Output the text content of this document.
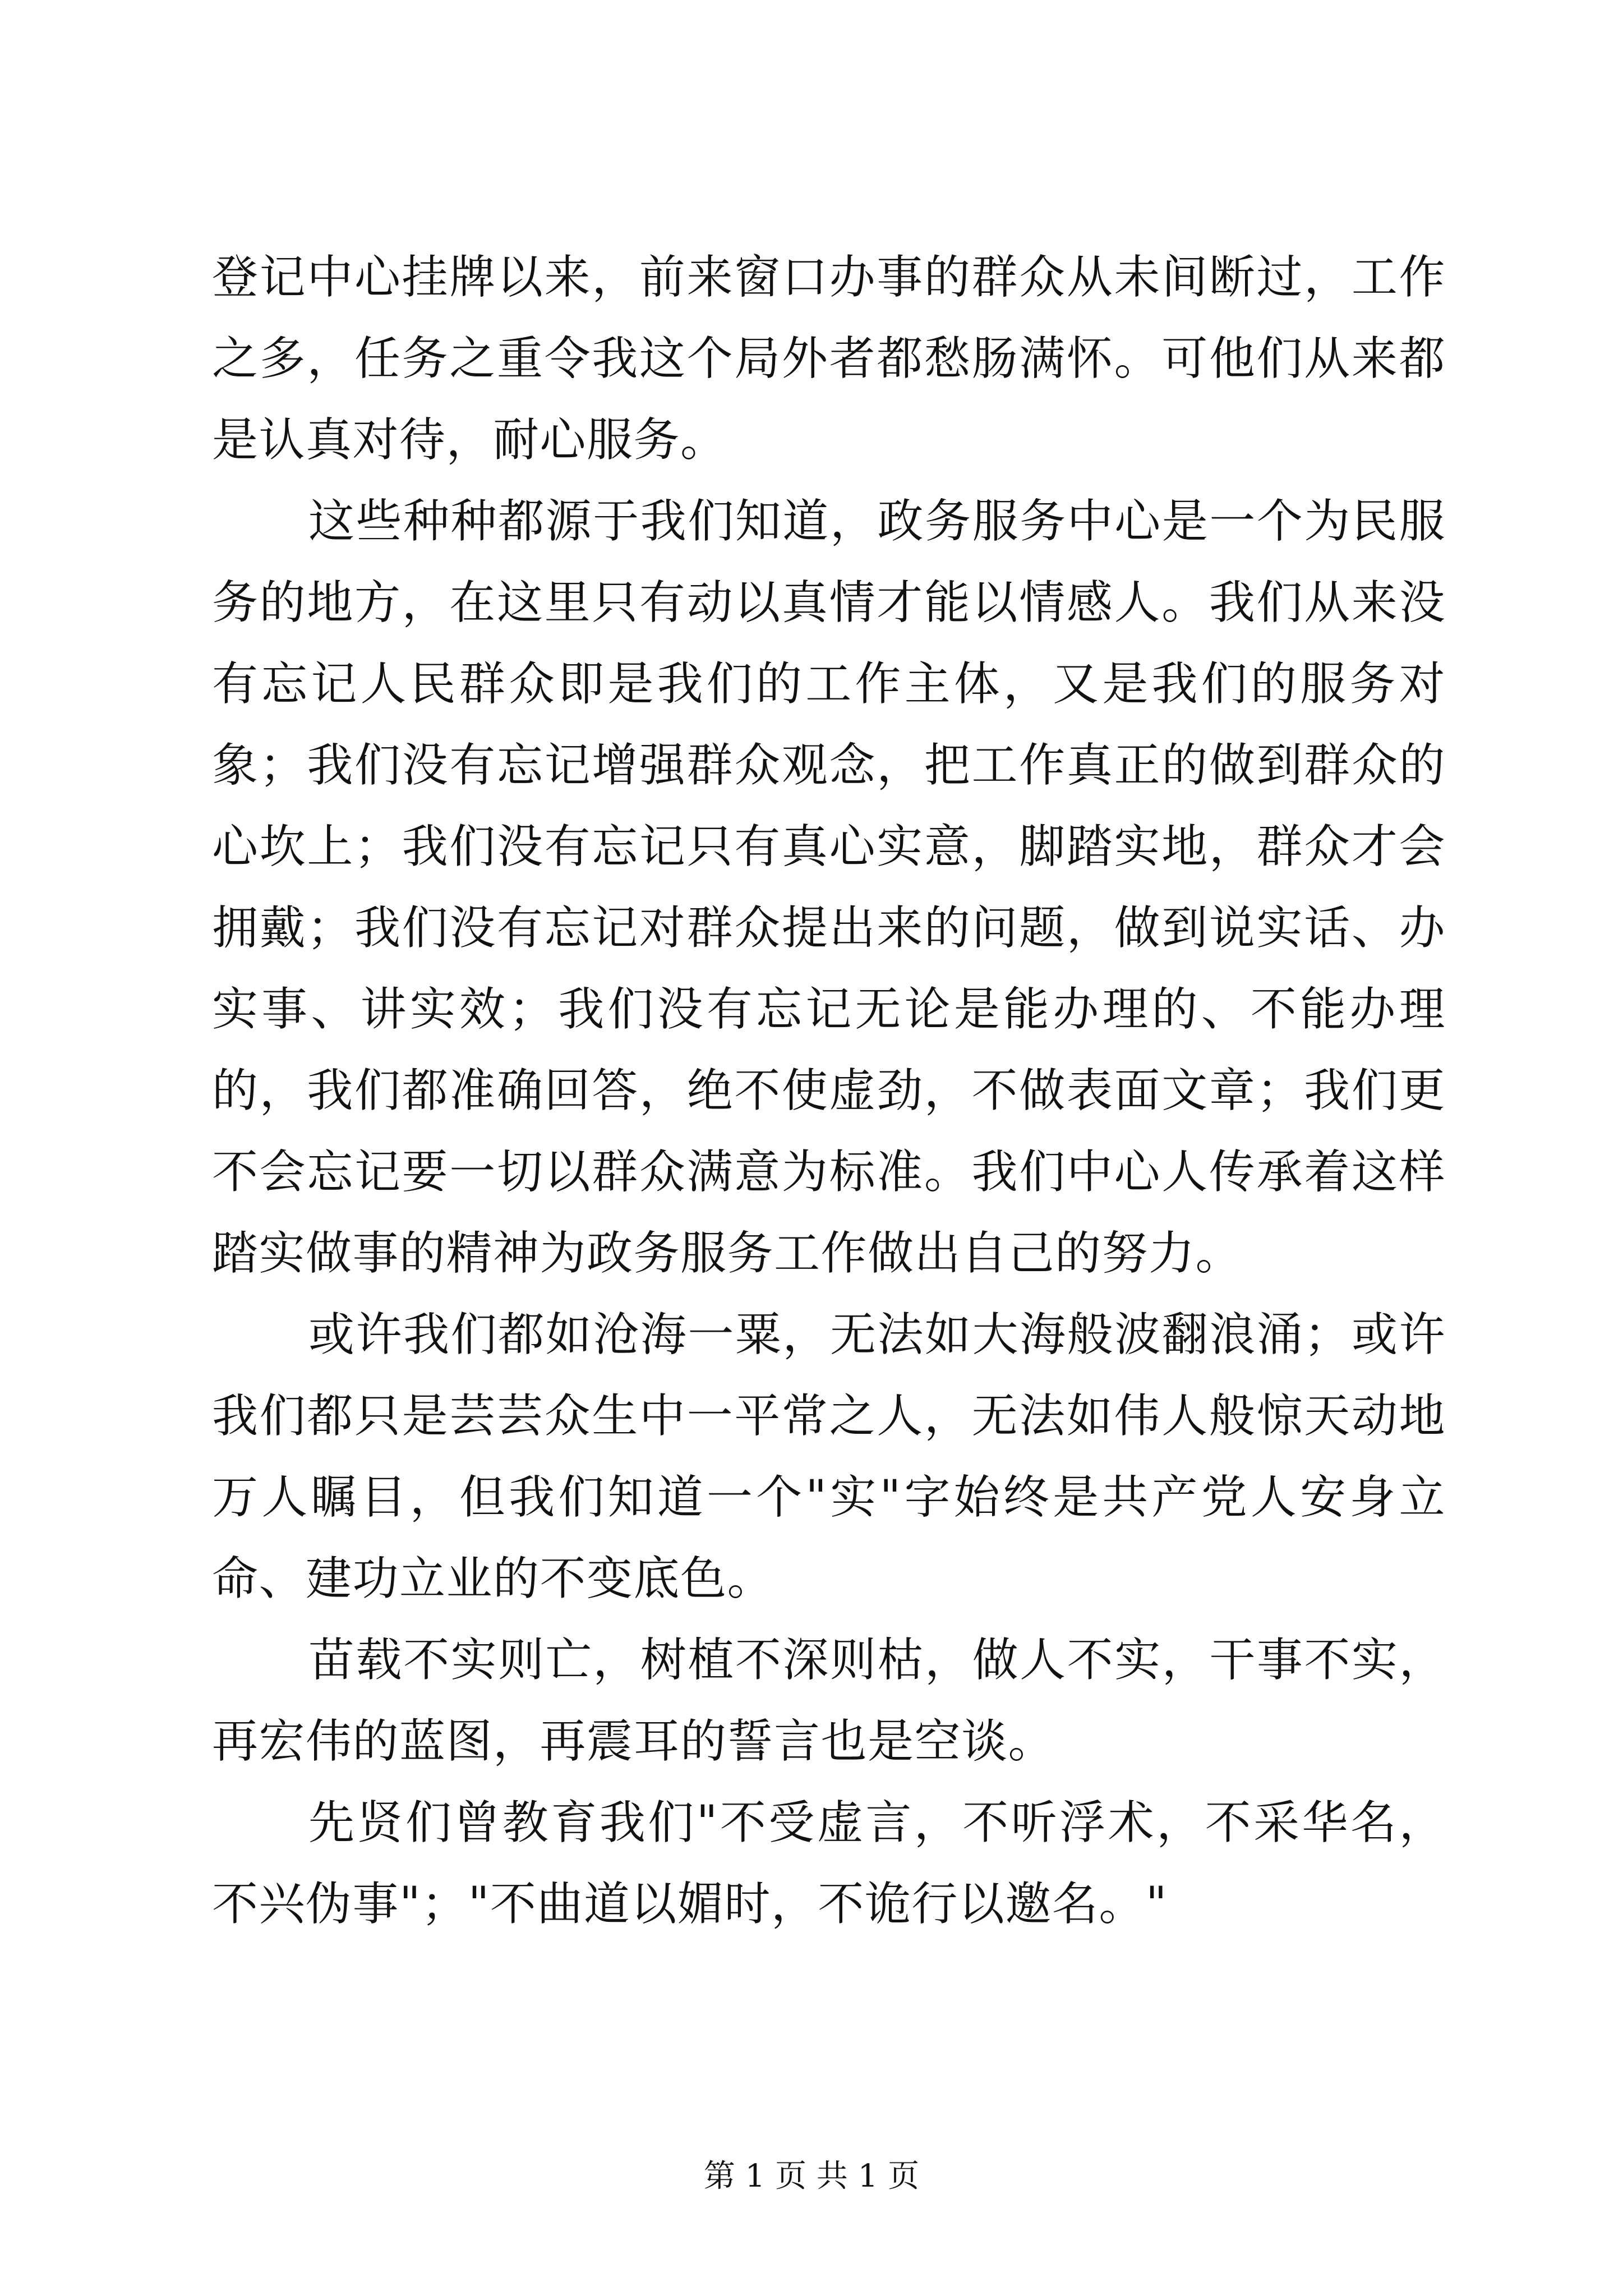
登记中心挂牌以来，前来窗口办事的群众从未间断过，工作之多，任务之重令我这个局外者都愁肠满怀。可他们从来都是认真对待，耐心服务。

这些种种都源于我们知道，政务服务中心是一个为民服务的地方，在这里只有动以真情才能以情感人。我们从来没有忘记人民群众即是我们的工作主体，又是我们的服务对象；我们没有忘记增强群众观念，把工作真正的做到群众的心坎上；我们没有忘记只有真心实意，脚踏实地，群众才会拥戴；我们没有忘记对群众提出来的问题，做到说实话、办实事、讲实效；我们没有忘记无论是能办理的、不能办理的，我们都准确回答，绝不使虚劲，不做表面文章；我们更不会忘记要一切以群众满意为标准。我们中心人传承着这样踏实做事的精神为政务服务工作做出自己的努力。

或许我们都如沧海一粟，无法如大海般波翻浪涌；或许我们都只是芸芸众生中一平常之人，无法如伟人般惊天动地万人瞩目，但我们知道一个"实"字始终是共产党人安身立命、建功立业的不变底色。

苗载不实则亡，树植不深则枯，做人不实，干事不实，再宏伟的蓝图，再震耳的誓言也是空谈。

先贤们曾教育我们"不受虚言，不听浮术，不采华名，不兴伪事"；"不曲道以媚时，不诡行以邀名。"

第 1 页 共 1 页
